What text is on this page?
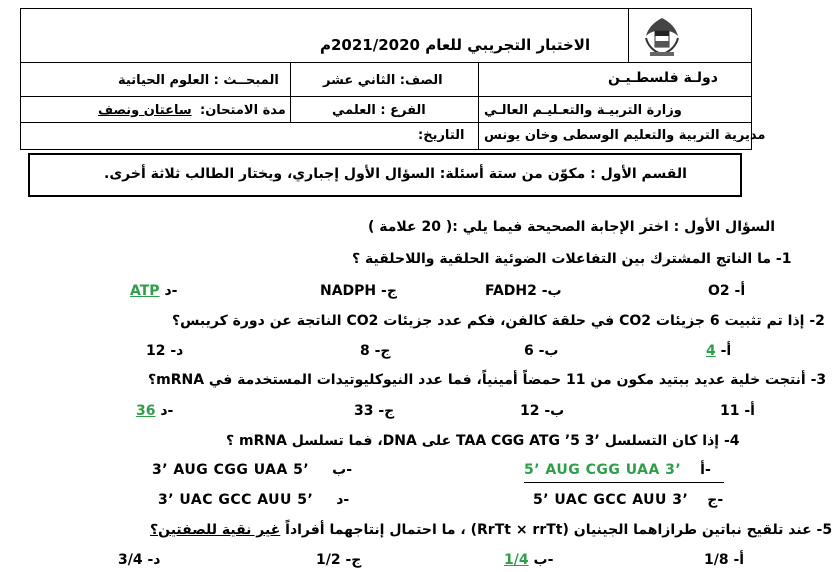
الاختبار التجريبي للعام 2021/2020م
دولـة فلسطـيـن
المبحــث : العلوم الحياتية	الصف: الثاني عشر
وزارة التربيـة والتعـليـم العالـي
الفرع : العلمي
مدة الامتحان:
ساعتان ونصف
مديرية التربية والتعليم الوسطى وخان يونس
التاريخ:
القسم الأول : مكوّن من ستة أسئلة: السؤال الأول إجباري، ويختار الطالب ثلاثة أخرى.
السؤال الأول : اختر الإجابة الصحيحة فيما يلي :( 20 علامة )
1- ما الناتج المشترك بين التفاعلات الضوئية الحلقية واللاحلقية ؟
أ- O2
ب- FADH2
ج- NADPH
ATP د-
2- إذا تم تثبيت 6 جزيئات CO2 في حلقة كالفن، فكم عدد جزيئات CO2 الناتجة عن دورة كريبس؟
أ- 4
ب- 6
ج- 8
د- 12
3- أنتجت خلية عديد ببتيد مكون من 11 حمضاً أمينياً، فما عدد النيوكليوتيدات المستخدمة في mRNA؟
أ- 11
ب- 12
ج- 33
36 د-
4- إذا كان التسلسل ’3 TAA CGG ATG ’5 على DNA، فما تسلسل mRNA ؟
5’ AUG CGG UAA 3’ أ-
3’ AUG CGG UAA 5’ ب-
5’ UAC GCC AUU 3’ ج-
3’ UAC GCC AUU 5’ د-
5- عند تلقيح نباتين طرازاهما الجينيان (RrTt × rrTt) ، ما احتمال إنتاجهما أفراداً غير نقية للصفتين؟
أ- 1/8
1/4 ب-
ج- 1/2
د- 3/4
